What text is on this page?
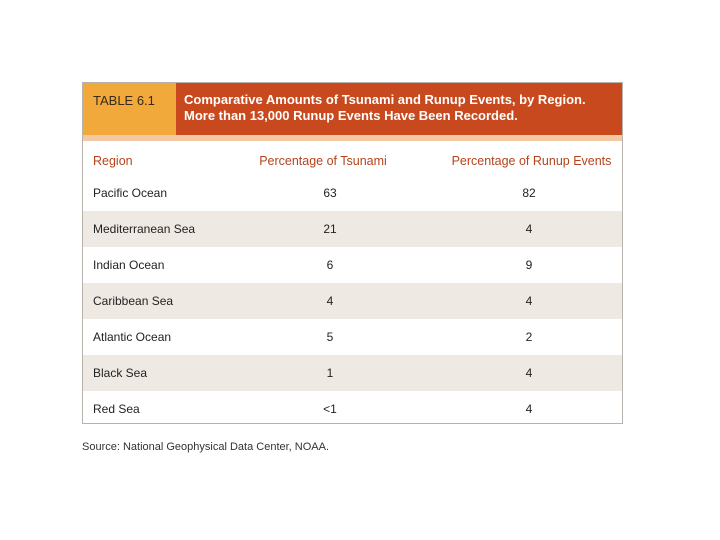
TABLE 6.1	Comparative Amounts of Tsunami and Runup Events, by Region.
More than 13,000 Runup Events Have Been Recorded.
Region	Percentage of Tsunami	Percentage of Runup Events
Pacific Ocean	63	82
Mediterranean Sea	21	4
Indian Ocean	6	9
Caribbean Sea	4	4
Atlantic Ocean	5	2
Black Sea	1	4
Red Sea	<1	4
Source: National Geophysical Data Center, NOAA.
